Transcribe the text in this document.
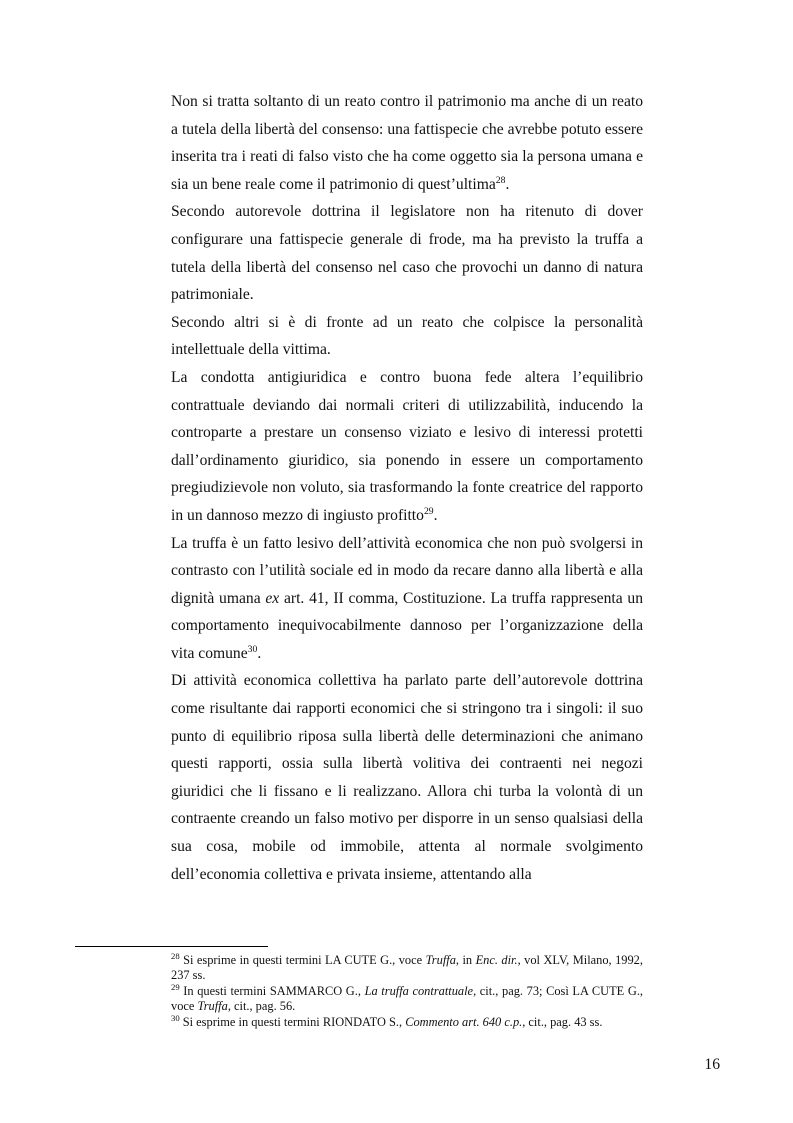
Non si tratta soltanto di un reato contro il patrimonio ma anche di un reato a tutela della libertà del consenso: una fattispecie che avrebbe potuto essere inserita tra i reati di falso visto che ha come oggetto sia la persona umana e sia un bene reale come il patrimonio di quest’ultima$^{28}$.

Secondo autorevole dottrina il legislatore non ha ritenuto di dover configurare una fattispecie generale di frode, ma ha previsto la truffa a tutela della libertà del consenso nel caso che provochi un danno di natura patrimoniale.

Secondo altri si è di fronte ad un reato che colpisce la personalità intellettuale della vittima.

La condotta antigiuridica e contro buona fede altera l’equilibrio contrattuale deviando dai normali criteri di utilizzabilità, inducendo la controparte a prestare un consenso viziato e lesivo di interessi protetti dall’ordinamento giuridico, sia ponendo in essere un comportamento pregiudizievole non voluto, sia trasformando la fonte creatrice del rapporto in un dannoso mezzo di ingiusto profitto$^{29}$.

La truffa è un fatto lesivo dell’attività economica che non può svolgersi in contrasto con l’utilità sociale ed in modo da recare danno alla libertà e alla dignità umana ex art. 41, II comma, Costituzione. La truffa rappresenta un comportamento inequivocabilmente dannoso per l’organizzazione della vita comune$^{30}$.

Di attività economica collettiva ha parlato parte dell’autorevole dottrina come risultante dai rapporti economici che si stringono tra i singoli: il suo punto di equilibrio riposa sulla libertà delle determinazioni che animano questi rapporti, ossia sulla libertà volitiva dei contraenti nei negozi giuridici che li fissano e li realizzano. Allora chi turba la volontà di un contraente creando un falso motivo per disporre in un senso qualsiasi della sua cosa, mobile od immobile, attenta al normale svolgimento dell’economia collettiva e privata insieme, attentando alla

$^{28}$ Si esprime in questi termini LA CUTE G., voce Truffa, in Enc. dir., vol XLV, Milano, 1992, 237 ss.

$^{29}$ In questi termini SAMMARCO G., La truffa contrattuale, cit., pag. 73; Così LA CUTE G., voce Truffa, cit., pag. 56.

$^{30}$ Si esprime in questi termini RIONDATO S., Commento art. 640 c.p., cit., pag. 43 ss.

16
